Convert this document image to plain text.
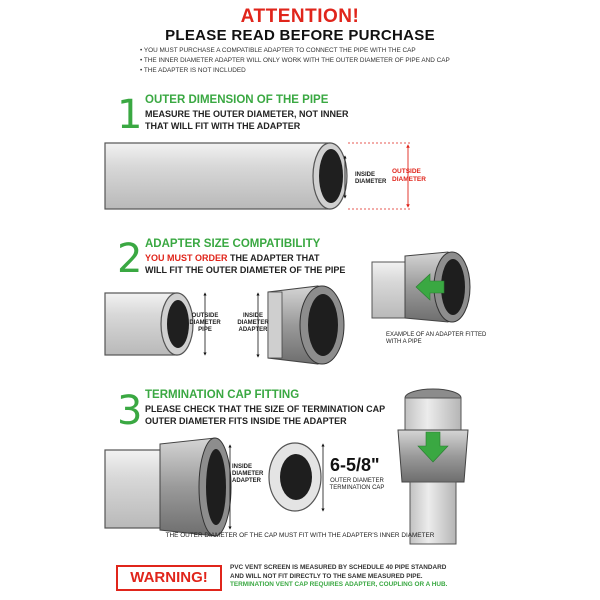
ATTENTION!
PLEASE READ BEFORE PURCHASE
• YOU MUST PURCHASE A COMPATIBLE ADAPTER TO CONNECT THE PIPE WITH THE CAP
• THE INNER DIAMETER ADAPTER WILL ONLY WORK WITH THE OUTER DIAMETER OF PIPE AND CAP
• THE ADAPTER IS NOT INCLUDED
1 OUTER DIMENSION OF THE PIPE
MEASURE THE OUTER DIAMETER, NOT INNER
THAT WILL FIT WITH THE ADAPTER
INSIDE
DIAMETER
OUTSIDE
DIAMETER
2 ADAPTER SIZE COMPATIBILITY
YOU MUST ORDER THE ADAPTER THAT
WILL FIT THE OUTER DIAMETER OF THE PIPE
OUTSIDE
DIAMETER
PIPE
INSIDE
DIAMETER
ADAPTER
EXAMPLE OF AN ADAPTER FITTED
WITH A PIPE
3 TERMINATION CAP FITTING
PLEASE CHECK THAT THE SIZE OF TERMINATION CAP
OUTER DIAMETER FITS INSIDE THE ADAPTER
INSIDE
DIAMETER
ADAPTER
6-5/8"
OUTER DIAMETER
TERMINATION CAP
THE OUTER DIAMETER OF THE CAP MUST FIT WITH THE ADAPTER'S INNER DIAMETER
WARNING!
PVC VENT SCREEN IS MEASURED BY SCHEDULE 40 PIPE STANDARD
AND WILL NOT FIT DIRECTLY TO THE SAME MEASURED PIPE.
TERMINATION VENT CAP REQUIRES ADAPTER, COUPLING OR A HUB.
